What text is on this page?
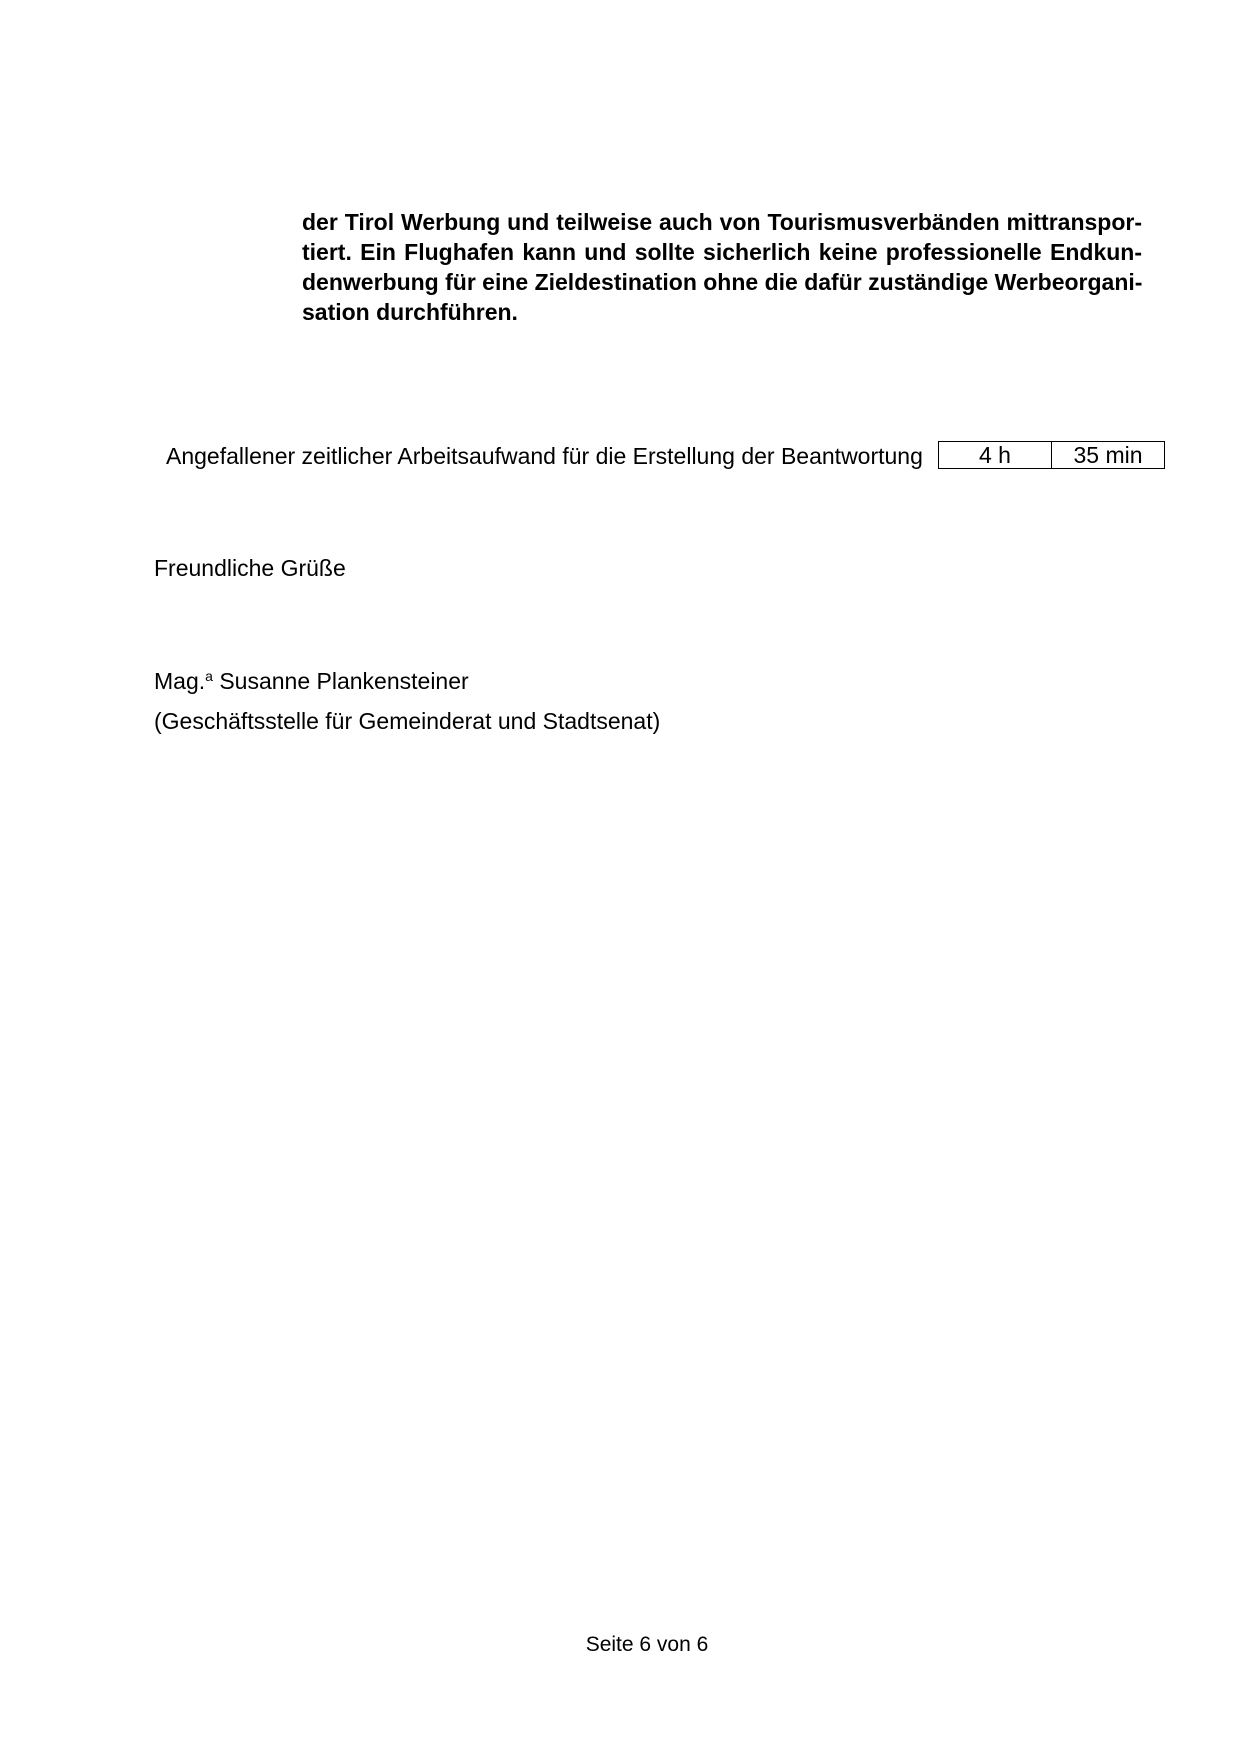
der Tirol Werbung und teilweise auch von Tourismusverbänden mittranspor-
tiert. Ein Flughafen kann und sollte sicherlich keine professionelle Endkun-
denwerbung für eine Zieldestination ohne die dafür zuständige Werbeorgani-
sation durchführen.
Angefallener zeitlicher Arbeitsaufwand für die Erstellung der Beantwortung 4 h	35 min
Freundliche Grüße
Mag.$^a$ Susanne Plankensteiner
(Geschäftsstelle für Gemeinderat und Stadtsenat)
Seite 6 von 6
